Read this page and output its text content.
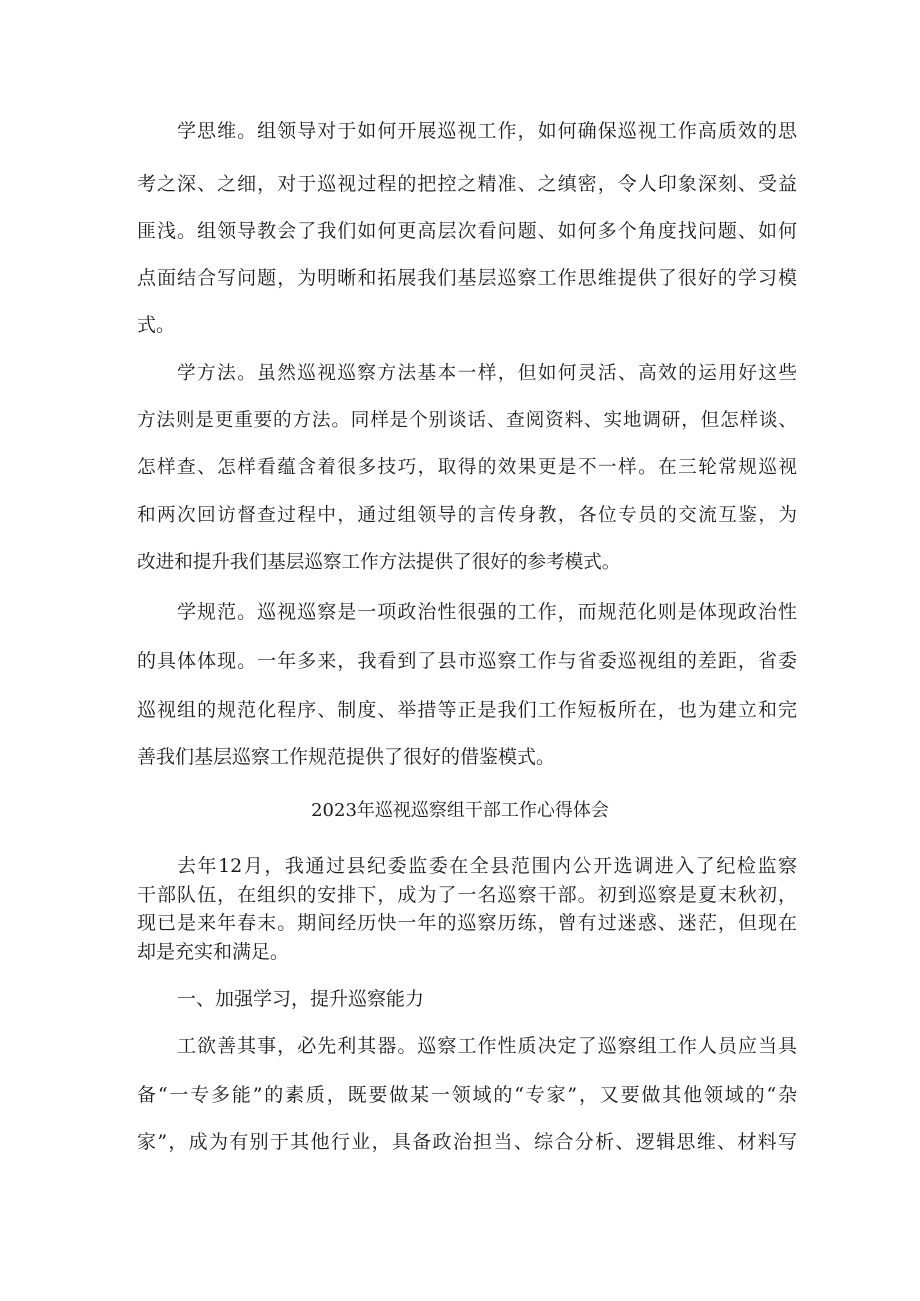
学思维。组领导对于如何开展巡视工作，如何确保巡视工作高质效的思
考之深、之细，对于巡视过程的把控之精准、之缜密，令人印象深刻、受益
匪浅。组领导教会了我们如何更高层次看问题、如何多个角度找问题、如何
点面结合写问题，为明晰和拓展我们基层巡察工作思维提供了很好的学习模
式。
学方法。虽然巡视巡察方法基本一样，但如何灵活、高效的运用好这些
方法则是更重要的方法。同样是个别谈话、查阅资料、实地调研，但怎样谈、
怎样查、怎样看蕴含着很多技巧，取得的效果更是不一样。在三轮常规巡视
和两次回访督查过程中，通过组领导的言传身教，各位专员的交流互鉴，为
改进和提升我们基层巡察工作方法提供了很好的参考模式。
学规范。巡视巡察是一项政治性很强的工作，而规范化则是体现政治性
的具体体现。一年多来，我看到了县市巡察工作与省委巡视组的差距，省委
巡视组的规范化程序、制度、举措等正是我们工作短板所在，也为建立和完
善我们基层巡察工作规范提供了很好的借鉴模式。
2023年巡视巡察组干部工作心得体会
去年12月，我通过县纪委监委在全县范围内公开选调进入了纪检监察
干部队伍，在组织的安排下，成为了一名巡察干部。初到巡察是夏末秋初，
现已是来年春末。期间经历快一年的巡察历练，曾有过迷惑、迷茫，但现在
却是充实和满足。
一、加强学习，提升巡察能力
工欲善其事，必先利其器。巡察工作性质决定了巡察组工作人员应当具
备“一专多能”的素质，既要做某一领域的“专家”，又要做其他领域的“杂
家”，成为有别于其他行业，具备政治担当、综合分析、逻辑思维、材料写
